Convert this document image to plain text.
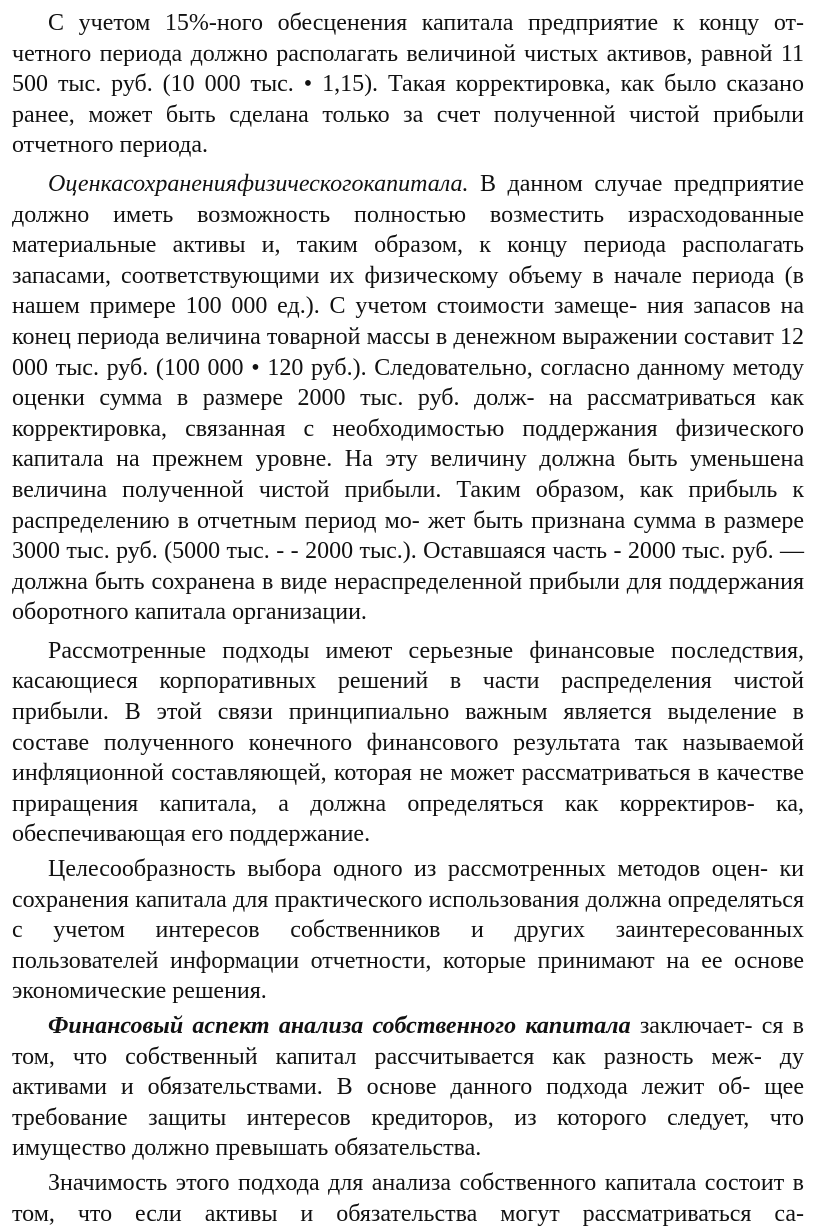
С учетом 15%-ного обесценения капитала предприятие к концу отчетного периода должно располагать величиной чистых активов, равной 11 500 тыс. руб. (10 000 тыс. • 1,15). Такая корректировка, как было сказано ранее, может быть сделана только за счет полученной чистой прибыли отчетного периода.

Оценкасохраненияфизическогокапитала. В данном случае предприятие должно иметь возможность полностью возместить израсходованные материальные активы и, таким образом, к концу периода располагать запасами, соответствующими их физическому объему в начале периода (в нашем примере 100 000 ед.). С учетом стоимости замеще- ния запасов на конец периода величина товарной массы в денежном выражении составит 12 000 тыс. руб. (100 000 • 120 руб.). Следовательно, согласно данному методу оценки сумма в размере 2000 тыс. руб. долж- на рассматриваться как корректировка, связанная с необходимостью поддержания физического капитала на прежнем уровне. На эту величину должна быть уменьшена величина полученной чистой прибыли. Таким образом, как прибыль к распределению в отчетным период мо- жет быть признана сумма в размере 3000 тыс. руб. (5000 тыс. - - 2000 тыс.). Оставшаяся часть - 2000 тыс. руб. — должна быть сохранена в виде нераспределенной прибыли для поддержания оборотного капитала организации.

Рассмотренные подходы имеют серьезные финансовые последствия, касающиеся корпоративных решений в части распределения чистой прибыли. В этой связи принципиально важным является выделение в составе полученного конечного финансового результата так называемой инфляционной составляющей, которая не может рассматриваться в качестве приращения капитала, а должна определяться как корректиров- ка, обеспечивающая его поддержание.

Целесообразность выбора одного из рассмотренных методов оцен- ки сохранения капитала для практического использования должна определяться с учетом интересов собственников и других заинтересованных пользователей информации отчетности, которые принимают на ее основе экономические решения.

Финансовый аспект анализа собственного капитала заключает- ся в том, что собственный капитал рассчитывается как разность меж- ду активами и обязательствами. В основе данного подхода лежит об- щее требование защиты интересов кредиторов, из которого следует, что имущество должно превышать обязательства.

Значимость этого подхода для анализа собственного капитала состоит в том, что если активы и обязательства могут рассматриваться са-
